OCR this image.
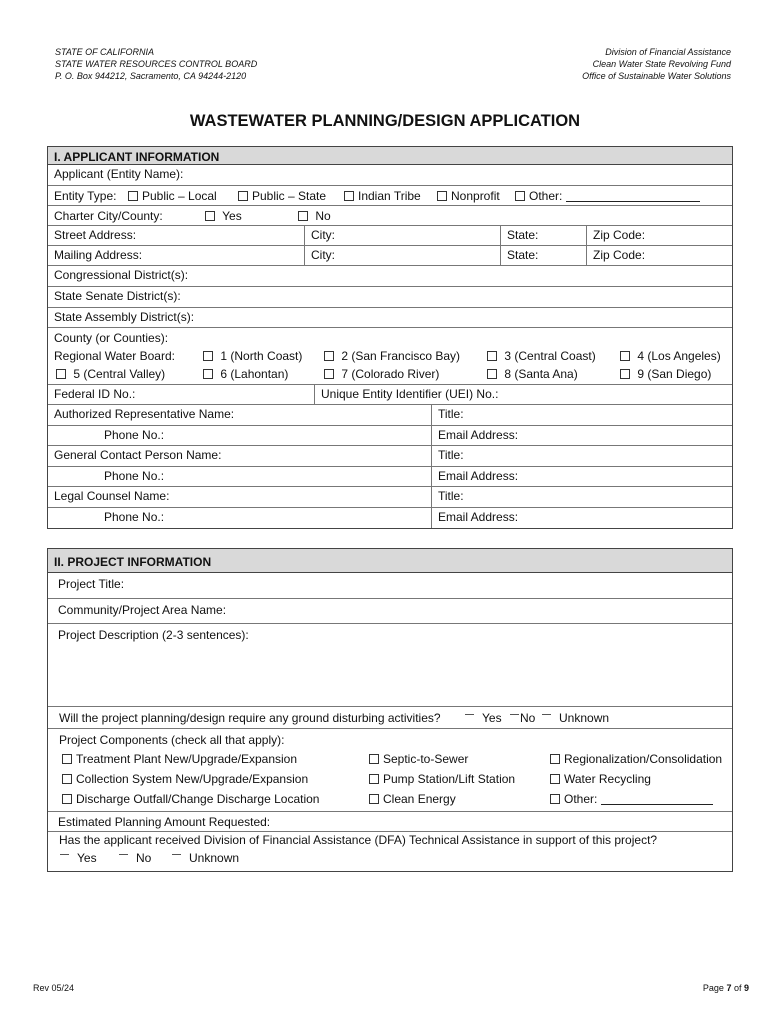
STATE OF CALIFORNIA
STATE WATER RESOURCES CONTROL BOARD
P. O. Box 944212, Sacramento, CA 94244-2120
Division of Financial Assistance
Clean Water State Revolving Fund
Office of Sustainable Water Solutions
WASTEWATER PLANNING/DESIGN APPLICATION
I. APPLICANT INFORMATION
Applicant (Entity Name):
Entity Type:	Public – Local	Public – State	Indian Tribe	Nonprofit	Other:
Charter City/County:	Yes	No
Street Address:	City:	State:	Zip Code:
Mailing Address:	City:	State:	Zip Code:
Congressional District(s):
State Senate District(s):
State Assembly District(s):
County (or Counties):
Regional Water Board:	1 (North Coast)	2 (San Francisco Bay)	3 (Central Coast)	4 (Los Angeles)
5 (Central Valley)	6 (Lahontan)	7 (Colorado River)	8 (Santa Ana)	9 (San Diego)
Federal ID No.:	Unique Entity Identifier (UEI) No.:
Authorized Representative Name:	Title:
Phone No.:	Email Address:
General Contact Person Name:	Title:
Phone No.:	Email Address:
Legal Counsel Name:	Title:
Phone No.:	Email Address:
II. PROJECT INFORMATION
Project Title:
Community/Project Area Name:
Project Description (2-3 sentences):
Will the project planning/design require any ground disturbing activities?	Yes	No	Unknown
Project Components (check all that apply):
Treatment Plant New/Upgrade/Expansion	Septic-to-Sewer	Regionalization/Consolidation
Collection System New/Upgrade/Expansion	Pump Station/Lift Station	Water Recycling
Discharge Outfall/Change Discharge Location	Clean Energy	Other:
Estimated Planning Amount Requested:
Has the applicant received Division of Financial Assistance (DFA) Technical Assistance in support of this project?
Yes	No	Unknown
Rev 05/24	Page 7 of 9
